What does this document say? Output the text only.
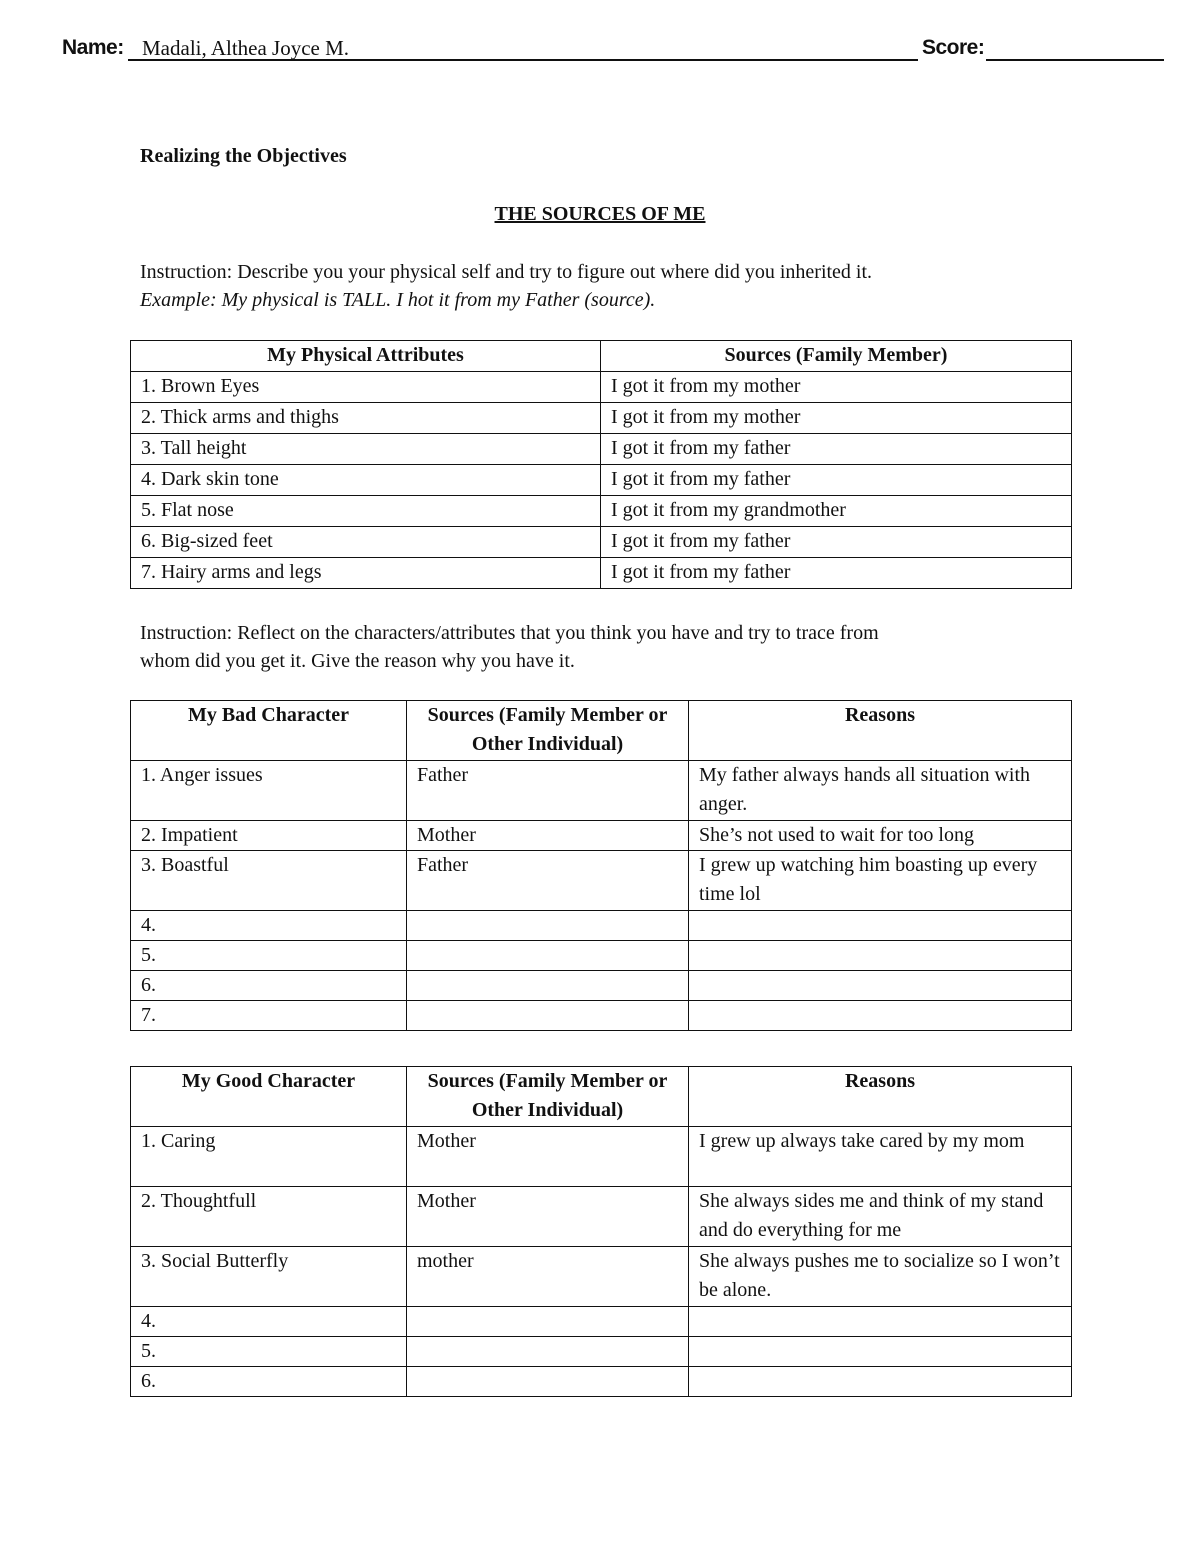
Name: Madali, Althea Joyce M.	Score:
Realizing the Objectives
THE SOURCES OF ME
Instruction: Describe you your physical self and try to figure out where did you inherited it.
Example: My physical is TALL. I hot it from my Father (source).
My Physical Attributes	Sources (Family Member)
1. Brown Eyes	I got it from my mother
2. Thick arms and thighs	I got it from my mother
3. Tall height	I got it from my father
4. Dark skin tone	I got it from my father
5. Flat nose	I got it from my grandmother
6. Big-sized feet	I got it from my father
7. Hairy arms and legs	I got it from my father
Instruction: Reflect on the characters/attributes that you think you have and try to trace from
whom did you get it. Give the reason why you have it.
My Bad Character	Sources (Family Member or Other Individual)	Reasons
1. Anger issues	Father	My father always hands all situation with anger.
2. Impatient	Mother	She’s not used to wait for too long
3. Boastful	Father	I grew up watching him boasting up every time lol
4.		
5.		
6.		
7.		
My Good Character	Sources (Family Member or Other Individual)	Reasons
1. Caring	Mother	I grew up always take cared by my mom
2. Thoughtfull	Mother	She always sides me and think of my stand and do everything for me
3. Social Butterfly	mother	She always pushes me to socialize so I won’t be alone.
4.		
5.		
6.		
